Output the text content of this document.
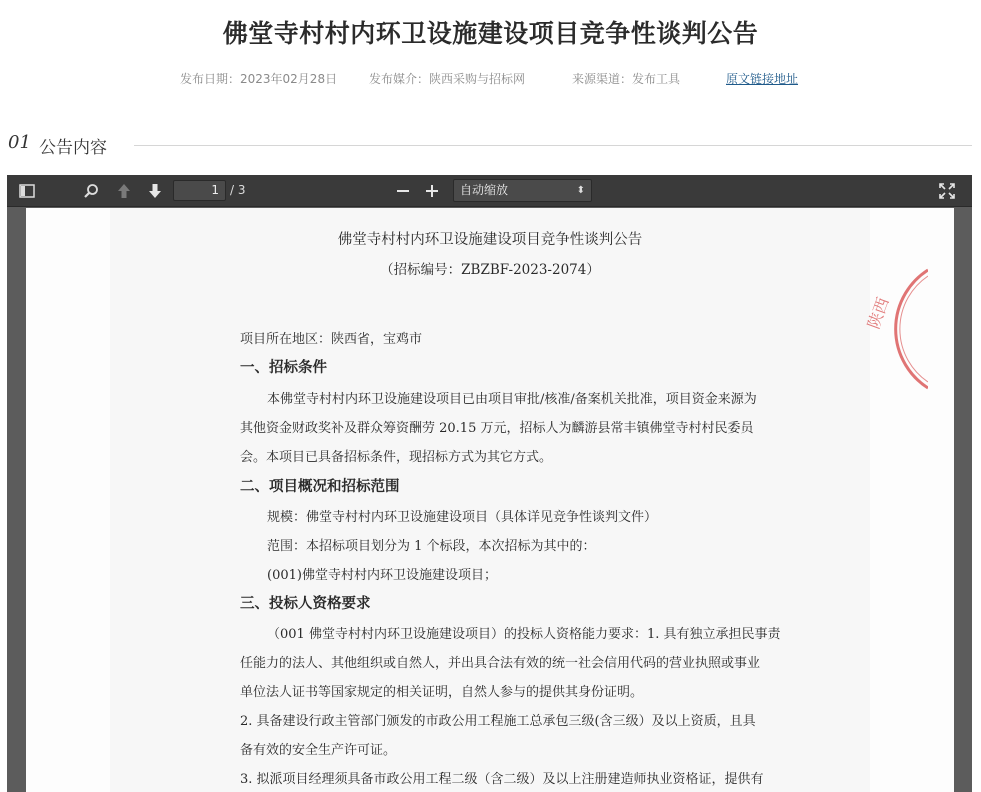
佛堂寺村村内环卫设施建设项目竞争性谈判公告
发布日期：2023年02月28日	发布媒介：陕西采购与招标网	来源渠道：发布工具	原文链接地址
01 公告内容
1 / 3	自动缩放	⬍

佛堂寺村村内环卫设施建设项目竞争性谈判公告

（招标编号：ZBZBF-2023-2074）

项目所在地区：陕西省，宝鸡市

一、招标条件

本佛堂寺村村内环卫设施建设项目已由项目审批/核准/备案机关批准，项目资金来源为

其他资金财政奖补及群众筹资酬劳 20.15 万元，招标人为麟游县常丰镇佛堂寺村村民委员

会。本项目已具备招标条件，现招标方式为其它方式。

二、项目概况和招标范围

规模：佛堂寺村村内环卫设施建设项目（具体详见竞争性谈判文件）

范围：本招标项目划分为 1 个标段，本次招标为其中的：

(001)佛堂寺村村内环卫设施建设项目；

三、投标人资格要求

（001 佛堂寺村村内环卫设施建设项目）的投标人资格能力要求：1. 具有独立承担民事责

任能力的法人、其他组织或自然人，并出具合法有效的统一社会信用代码的营业执照或事业

单位法人证书等国家规定的相关证明，自然人参与的提供其身份证明。

2. 具备建设行政主管部门颁发的市政公用工程施工总承包三级(含三级）及以上资质，且具

备有效的安全生产许可证。

3. 拟派项目经理须具备市政公用工程二级（含二级）及以上注册建造师执业资格证，提供有

陕西
